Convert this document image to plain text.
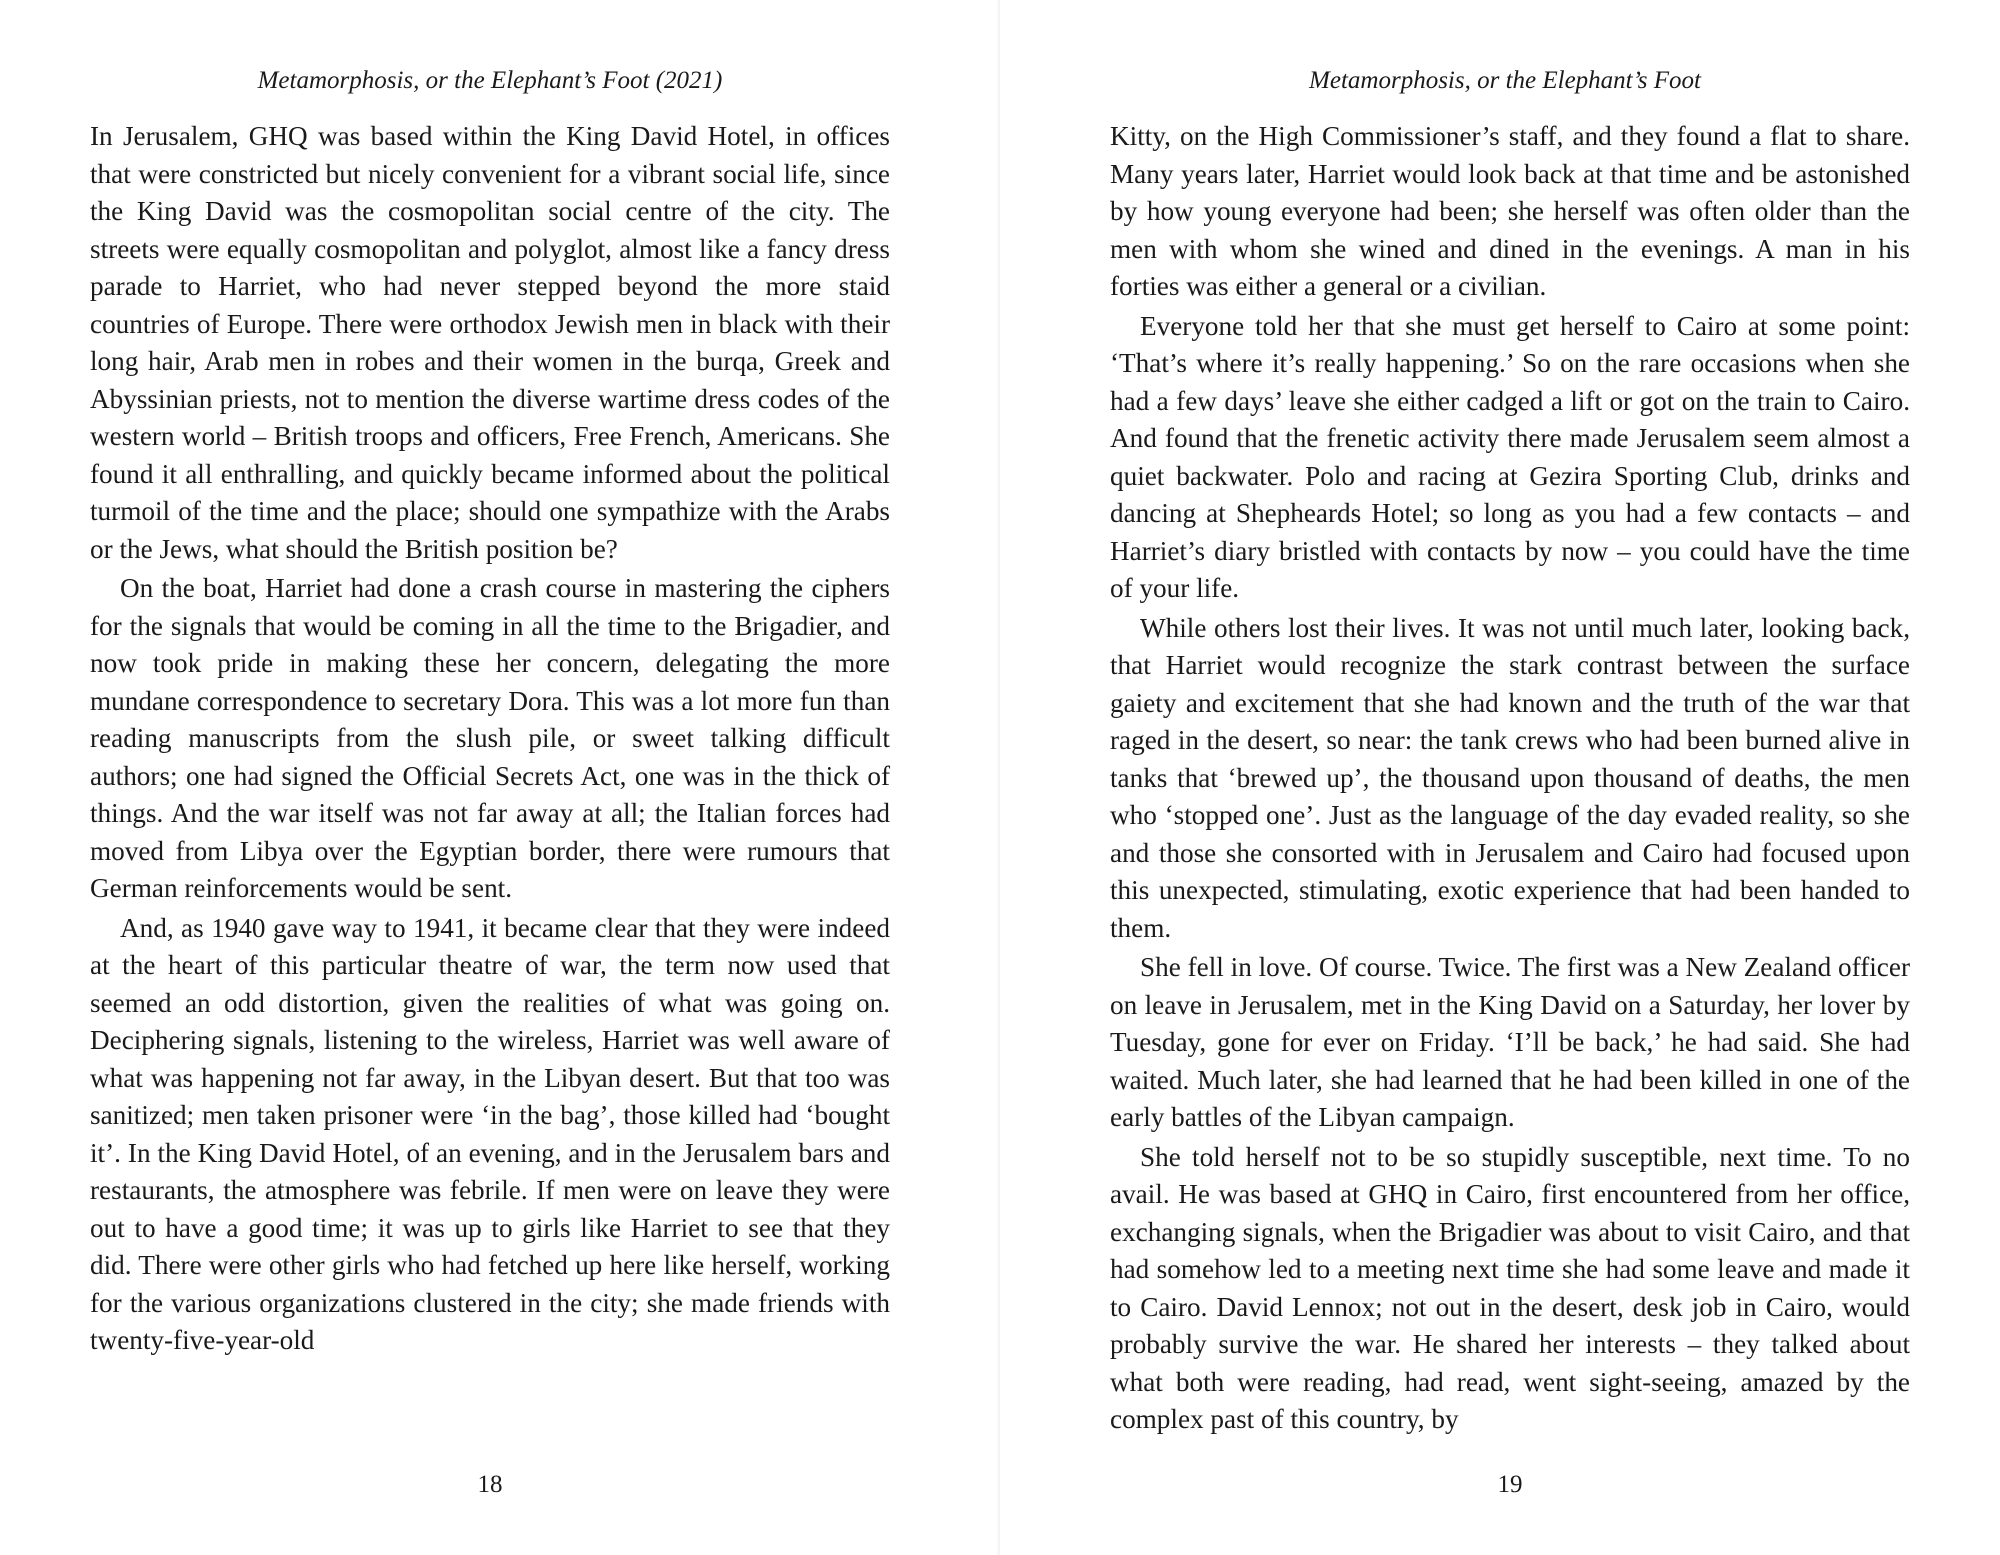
Metamorphosis, or the Elephant’s Foot (2021)

In Jerusalem, GHQ was based within the King David Hotel, in offices that were constricted but nicely convenient for a vibrant social life, since the King David was the cosmopolitan social centre of the city. The streets were equally cosmopolitan and polyglot, almost like a fancy dress parade to Harriet, who had never stepped beyond the more staid countries of Europe. There were orthodox Jewish men in black with their long hair, Arab men in robes and their women in the burqa, Greek and Abyssinian priests, not to mention the diverse wartime dress codes of the western world – British troops and officers, Free French, Americans. She found it all enthralling, and quickly became informed about the political turmoil of the time and the place; should one sympathize with the Arabs or the Jews, what should the British position be?

On the boat, Harriet had done a crash course in mastering the ciphers for the signals that would be coming in all the time to the Brigadier, and now took pride in making these her concern, delegating the more mundane correspondence to secretary Dora. This was a lot more fun than reading manuscripts from the slush pile, or sweet talking difficult authors; one had signed the Official Secrets Act, one was in the thick of things. And the war itself was not far away at all; the Italian forces had moved from Libya over the Egyptian border, there were rumours that German reinforcements would be sent.

And, as 1940 gave way to 1941, it became clear that they were indeed at the heart of this particular theatre of war, the term now used that seemed an odd distortion, given the realities of what was going on. Deciphering signals, listening to the wireless, Harriet was well aware of what was happening not far away, in the Libyan desert. But that too was sanitized; men taken prisoner were ‘in the bag’, those killed had ‘bought it’. In the King David Hotel, of an evening, and in the Jerusalem bars and restaurants, the atmosphere was febrile. If men were on leave they were out to have a good time; it was up to girls like Harriet to see that they did. There were other girls who had fetched up here like herself, working for the various organizations clustered in the city; she made friends with twenty-five-year-old

18
Metamorphosis, or the Elephant’s Foot

Kitty, on the High Commissioner’s staff, and they found a flat to share. Many years later, Harriet would look back at that time and be astonished by how young everyone had been; she herself was often older than the men with whom she wined and dined in the evenings. A man in his forties was either a general or a civilian.

Everyone told her that she must get herself to Cairo at some point: ‘That’s where it’s really happening.’ So on the rare occasions when she had a few days’ leave she either cadged a lift or got on the train to Cairo. And found that the frenetic activity there made Jerusalem seem almost a quiet backwater. Polo and racing at Gezira Sporting Club, drinks and dancing at Shepheards Hotel; so long as you had a few contacts – and Harriet’s diary bristled with contacts by now – you could have the time of your life.

While others lost their lives. It was not until much later, looking back, that Harriet would recognize the stark contrast between the surface gaiety and excitement that she had known and the truth of the war that raged in the desert, so near: the tank crews who had been burned alive in tanks that ‘brewed up’, the thousand upon thousand of deaths, the men who ‘stopped one’. Just as the language of the day evaded reality, so she and those she consorted with in Jerusalem and Cairo had focused upon this unexpected, stimulating, exotic experience that had been handed to them.

She fell in love. Of course. Twice. The first was a New Zealand officer on leave in Jerusalem, met in the King David on a Saturday, her lover by Tuesday, gone for ever on Friday. ‘I’ll be back,’ he had said. She had waited. Much later, she had learned that he had been killed in one of the early battles of the Libyan campaign.

She told herself not to be so stupidly susceptible, next time. To no avail. He was based at GHQ in Cairo, first encountered from her office, exchanging signals, when the Brigadier was about to visit Cairo, and that had somehow led to a meeting next time she had some leave and made it to Cairo. David Lennox; not out in the desert, desk job in Cairo, would probably survive the war. He shared her interests – they talked about what both were reading, had read, went sight-seeing, amazed by the complex past of this country, by

19
